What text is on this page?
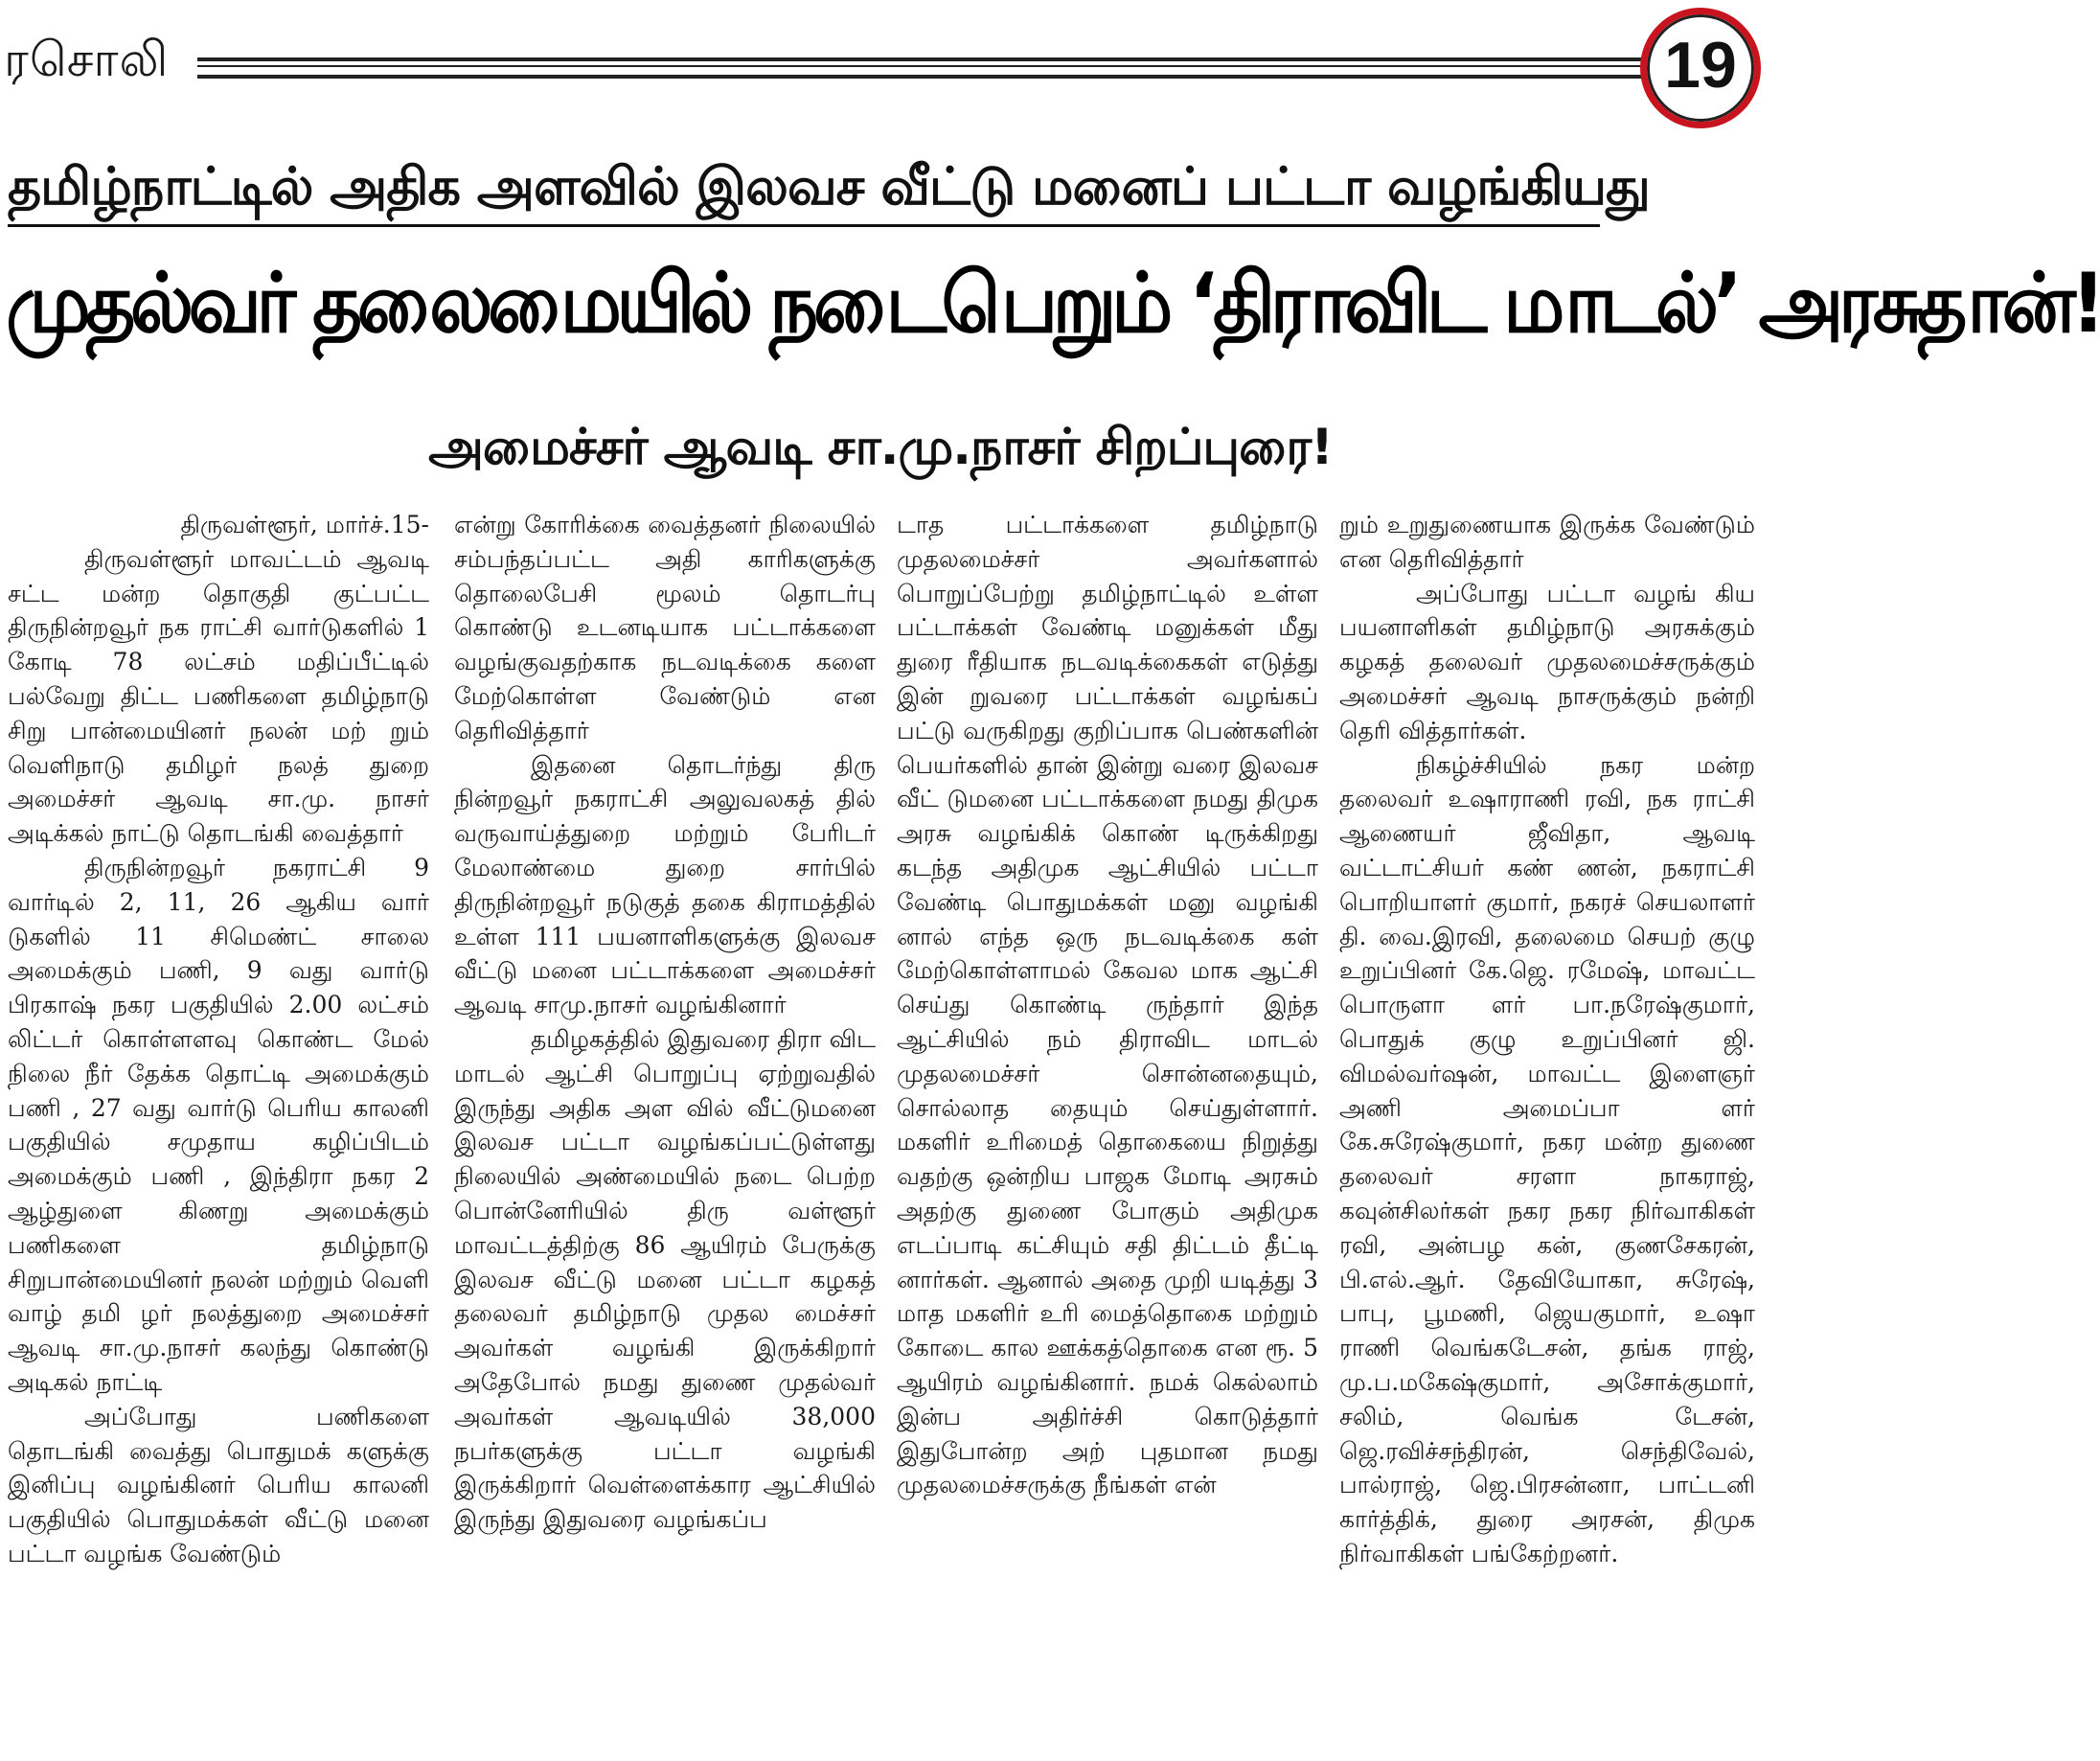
ரசொலி	19
தமிழ்நாட்டில் அதிக அளவில் இலவச வீட்டு மனைப் பட்டா வழங்கியது
முதல்வர் தலைமையில் நடைபெறும் ‘திராவிட மாடல்’ அரசுதான்!
அமைச்சர் ஆவடி சா.மு.நாசர் சிறப்புரை!

திருவள்ளூர், மார்ச்.15-

திருவள்ளூர் மாவட்டம் ஆவடி சட்ட மன்ற தொகுதி குட்பட்ட திருநின்றவூர் நக ராட்சி வார்டுகளில் 1 கோடி 78 லட்சம் மதிப்பீட்டில் பல்வேறு திட்ட பணிகளை தமிழ்நாடு சிறு பான்மையினர் நலன் மற் றும் வெளிநாடு தமிழர் நலத் துறை அமைச்சர் ஆவடி சா.மு. நாசர் அடிக்கல் நாட்டு தொடங்கி வைத்தார்

திருநின்றவூர் நகராட்சி 9 வார்டில் 2, 11, 26 ஆகிய வார் டுகளில் 11 சிமெண்ட் சாலை அமைக்கும் பணி, 9 வது வார்டு பிரகாஷ் நகர பகுதியில் 2.00 லட்சம் லிட்டர் கொள்ளளவு கொண்ட மேல் நிலை நீர் தேக்க தொட்டி அமைக்கும் பணி , 27 வது வார்டு பெரிய காலனி பகுதியில் சமுதாய கழிப்பிடம் அமைக்கும் பணி , இந்திரா நகர 2 ஆழ்துளை கிணறு அமைக்கும் பணிகளை தமிழ்நாடு சிறுபான்மையினர் நலன் மற்றும் வெளி வாழ் தமி ழர் நலத்துறை அமைச்சர் ஆவடி சா.மு.நாசர் கலந்து கொண்டு அடிகல் நாட்டி

அப்போது பணிகளை தொடங்கி வைத்து பொதுமக் களுக்கு இனிப்பு வழங்கினர் பெரிய காலனி பகுதியில் பொதுமக்கள் வீட்டு மனை பட்டா வழங்க வேண்டும்

என்று கோரிக்கை வைத்தனர் நிலையில் சம்பந்தப்பட்ட அதி காரிகளுக்கு தொலைபேசி மூலம் தொடர்பு கொண்டு உடனடியாக பட்டாக்களை வழங்குவதற்காக நடவடிக்கை களை மேற்கொள்ள வேண்டும் என தெரிவித்தார்

இதனை தொடர்ந்து திரு நின்றவூர் நகராட்சி அலுவலகத் தில் வருவாய்த்துறை மற்றும் பேரிடர் மேலாண்மை துறை சார்பில் திருநின்றவூர் நடுகுத் தகை கிராமத்தில் உள்ள 111 பயனாளிகளுக்கு இலவச வீட்டு மனை பட்டாக்களை அமைச்சர் ஆவடி சாமு.நாசர் வழங்கினார்

தமிழகத்தில் இதுவரை திரா விட மாடல் ஆட்சி பொறுப்பு ஏற்றுவதில் இருந்து அதிக அள வில் வீட்டுமனை இலவச பட்டா வழங்கப்பட்டுள்ளது நிலையில் அண்மையில் நடை பெற்ற பொன்னேரியில் திரு வள்ளூர் மாவட்டத்திற்கு 86 ஆயிரம் பேருக்கு இலவச வீட்டு மனை பட்டா கழகத் தலைவர் தமிழ்நாடு முதல மைச்சர் அவர்கள் வழங்கி இருக்கிறார் அதேபோல் நமது துணை முதல்வர் அவர்கள் ஆவடியில் 38,000 நபர்களுக்கு பட்டா வழங்கி இருக்கிறார் வெள்ளைக்கார ஆட்சியில் இருந்து இதுவரை வழங்கப்ப

டாத பட்டாக்களை தமிழ்நாடு முதலமைச்சர் அவர்களால் பொறுப்பேற்று தமிழ்நாட்டில் உள்ள பட்டாக்கள் வேண்டி மனுக்கள் மீது துரை ரீதியாக நடவடிக்கைகள் எடுத்து இன் றுவரை பட்டாக்கள் வழங்கப் பட்டு வருகிறது குறிப்பாக பெண்களின் பெயர்களில் தான் இன்று வரை இலவச வீட் டுமனை பட்டாக்களை நமது திமுக அரசு வழங்கிக் கொண் டிருக்கிறது கடந்த அதிமுக ஆட்சியில் பட்டா வேண்டி பொதுமக்கள் மனு வழங்கி னால் எந்த ஒரு நடவடிக்கை கள் மேற்கொள்ளாமல் கேவல மாக ஆட்சி செய்து கொண்டி ருந்தார் இந்த ஆட்சியில் நம் திராவிட மாடல் முதலமைச்சர் சொன்னதையும், சொல்லாத தையும் செய்துள்ளார். மகளிர் உரிமைத் தொகையை நிறுத்து வதற்கு ஒன்றிய பாஜக மோடி அரசும் அதற்கு துணை போகும் அதிமுக எடப்பாடி கட்சியும் சதி திட்டம் தீட்டி னார்கள். ஆனால் அதை முறி யடித்து 3 மாத மகளிர் உரி மைத்தொகை மற்றும் கோடை கால ஊக்கத்தொகை என ரூ. 5 ஆயிரம் வழங்கினார். நமக் கெல்லாம் இன்ப அதிர்ச்சி கொடுத்தார் இதுபோன்ற அற் புதமான நமது முதலமைச்சருக்கு நீங்கள் என்

றும் உறுதுணையாக இருக்க வேண்டும் என தெரிவித்தார்

அப்போது பட்டா வழங் கிய பயனாளிகள் தமிழ்நாடு அரசுக்கும் கழகத் தலைவர் முதலமைச்சருக்கும் அமைச்சர் ஆவடி நாசருக்கும் நன்றி தெரி வித்தார்கள்.

நிகழ்ச்சியில் நகர மன்ற தலைவர் உஷாராணி ரவி, நக ராட்சி ஆணையர் ஜீவிதா, ஆவடி வட்டாட்சியர் கண் ணன், நகராட்சி பொறியாளர் குமார், நகரச் செயலாளர் தி. வை.இரவி, தலைமை செயற் குழு உறுப்பினர் கே.ஜெ. ரமேஷ், மாவட்ட பொருளா ளர் பா.நரேஷ்குமார், பொதுக் குழு உறுப்பினர் ஜி. விமல்வர்ஷன், மாவட்ட இளைஞர் அணி அமைப்பா ளர் கே.சுரேஷ்குமார், நகர மன்ற துணை தலைவர் சரளா நாகராஜ், கவுன்சிலர்கள் நகர நகர நிர்வாகிகள் ரவி, அன்பழ கன், குணசேகரன், பி.எல்.ஆர். தேவியோகா, சுரேஷ், பாபு, பூமணி, ஜெயகுமார், உஷா ராணி வெங்கடேசன், தங்க ராஜ், மு.ப.மகேஷ்குமார், அசோக்குமார், சலிம், வெங்க டேசன், ஜெ.ரவிச்சந்திரன், செந்திவேல், பால்ராஜ், ஜெ.பிரசன்னா, பாட்டனி கார்த்திக், துரை அரசன், திமுக நிர்வாகிகள் பங்கேற்றனர்.
